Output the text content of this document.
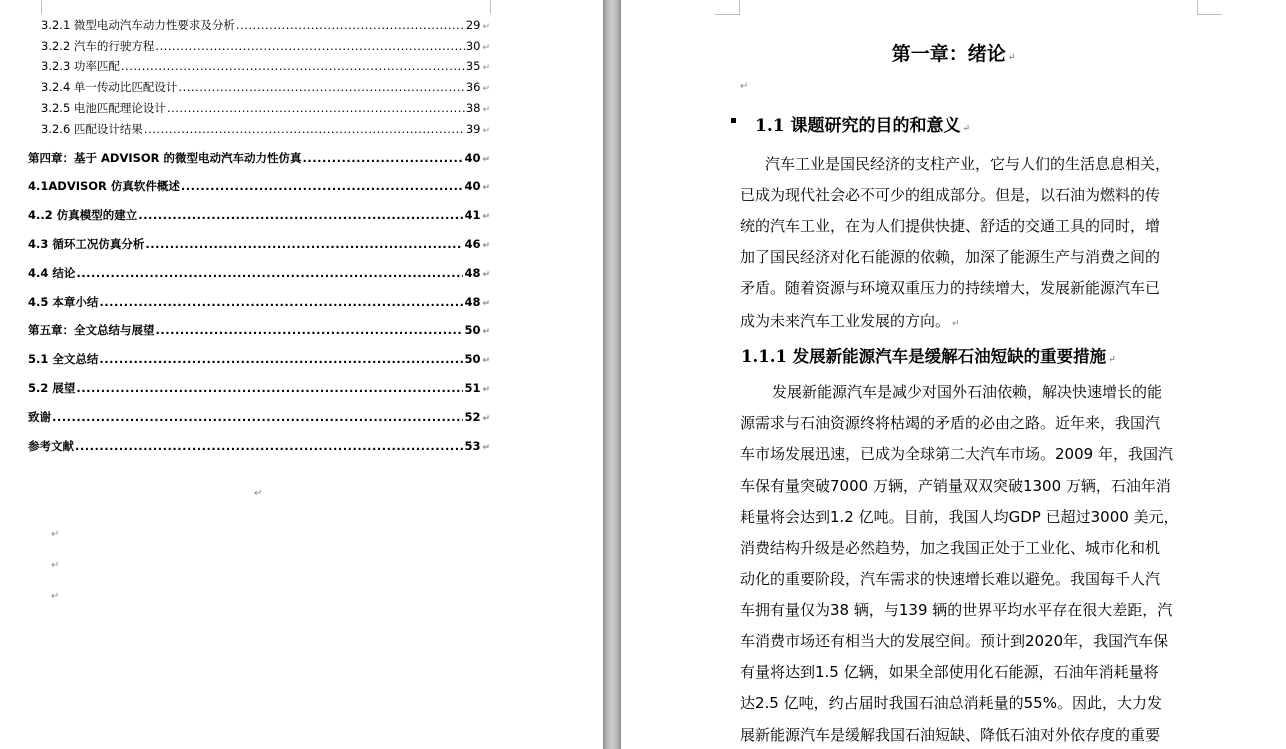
3.2.1 微型电动汽车动力性要求及分析 .....	29 ↵
3.2.2 汽车的行驶方程 .....	30 ↵
3.2.3 功率匹配 .....	35 ↵
3.2.4 单一传动比匹配设计 .....	36 ↵
3.2.5 电池匹配理论设计 .....	38 ↵
3.2.6 匹配设计结果 .....	39 ↵
第四章：基于 ADVISOR 的微型电动汽车动力性仿真 .....	40 ↵
4.1ADVISOR 仿真软件概述 .....	40 ↵
4..2 仿真模型的建立 .....	41 ↵
4.3 循环工况仿真分析 .....	46 ↵
4.4 结论 .....	48 ↵
4.5 本章小结 .....	48 ↵
第五章：全文总结与展望 .....	50 ↵
5.1 全文总结 .....	50 ↵
5.2 展望 .....	51 ↵
致谢 .....	52 ↵
参考文献 .....	53 ↵
↵
↵
↵
↵
第一章：绪论 ↵
↵
1.1 课题研究的目的和意义 ↵
汽车工业是国民经济的支柱产业，它与人们的生活息息相关，
已成为现代社会必不可少的组成部分。但是，以石油为燃料的传
统的汽车工业，在为人们提供快捷、舒适的交通工具的同时，增
加了国民经济对化石能源的依赖，加深了能源生产与消费之间的
矛盾。随着资源与环境双重压力的持续增大，发展新能源汽车已
成为未来汽车工业发展的方向。 ↵
1.1.1 发展新能源汽车是缓解石油短缺的重要措施 ↵
发展新能源汽车是减少对国外石油依赖，解决快速增长的能
源需求与石油资源终将枯竭的矛盾的必由之路。近年来，我国汽
车市场发展迅速，已成为全球第二大汽车市场。2009 年，我国汽
车保有量突破7000 万辆，产销量双双突破1300 万辆，石油年消
耗量将会达到1.2 亿吨。目前，我国人均GDP 已超过3000 美元，
消费结构升级是必然趋势，加之我国正处于工业化、城市化和机
动化的重要阶段，汽车需求的快速增长难以避免。我国每千人汽
车拥有量仅为38 辆，与139 辆的世界平均水平存在很大差距，汽
车消费市场还有相当大的发展空间。预计到2020年，我国汽车保
有量将达到1.5 亿辆，如果全部使用化石能源，石油年消耗量将
达2.5 亿吨，约占届时我国石油总消耗量的55%。因此，大力发
展新能源汽车是缓解我国石油短缺、降低石油对外依存度的重要
